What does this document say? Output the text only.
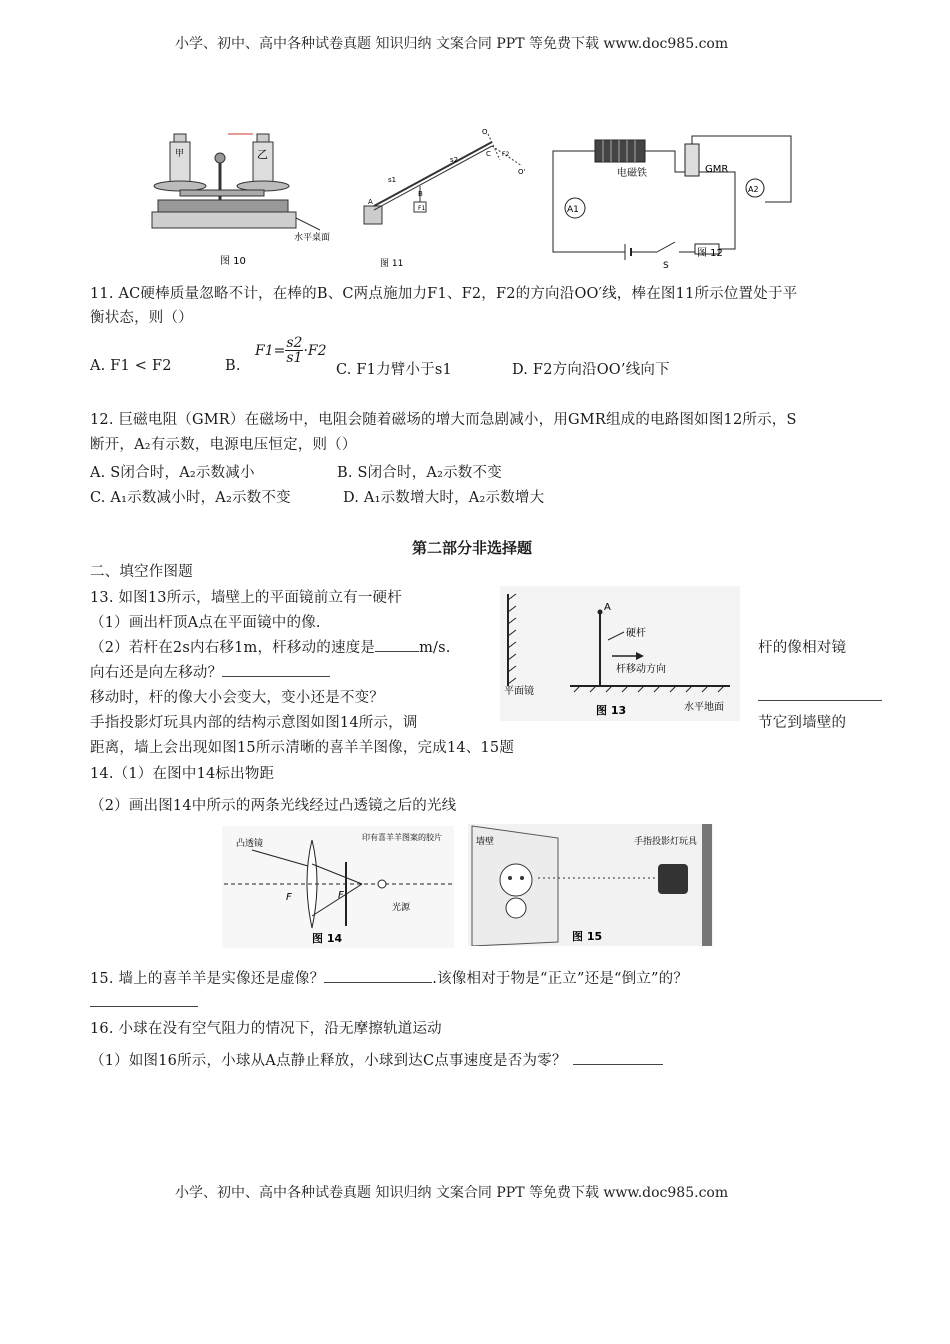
小学、初中、高中各种试卷真题 知识归纳 文案合同 PPT 等免费下载 www.doc985.com
甲	乙
水平桌面
图 10
A
B
C
O
O'
F1
s1
s2
F2
图 11
电磁铁
A1
S
GMR
A2
图 12
11. AC硬棒质量忽略不计，在棒的B、C两点施加力F1、F2，F2的方向沿OO′线，棒在图11所示位置处于平
衡状态，则（）
A. F1 < F2	B.
$F1= \frac{s2}{s1} \cdot F2$
C. F1力臂小于s1	D. F2方向沿OO’线向下
12. 巨磁电阻（GMR）在磁场中，电阻会随着磁场的增大而急剧减小，用GMR组成的电路图如图12所示，S
断开，A₂有示数，电源电压恒定，则（）
A. S闭合时，A₂示数减小	B. S闭合时，A₂示数不变
C. A₁示数减小时，A₂示数不变	D. A₁示数增大时，A₂示数增大
第二部分非选择题
二、填空作图题
13. 如图13所示，墙壁上的平面镜前立有一硬杆
（1）画出杆顶A点在平面镜中的像.
（2）若杆在2s内右移1m，杆移动的速度是	m/s.	杆的像相对镜
向右还是向左移动？
移动时，杆的像大小会变大，变小还是不变？
手指投影灯玩具内部的结构示意图如图14所示，调	节它到墙壁的
距离，墙上会出现如图15所示清晰的喜羊羊图像，完成14、15题
平面镜
A
硬杆
杆移动方向
图 13	水平地面
14.（1）在图中14标出物距
（2）画出图14中所示的两条光线经过凸透镜之后的光线
凸透镜
印有喜羊羊图案的胶片
F	F
光源
图 14
墙壁	手指投影灯玩具
图 15
15. 墙上的喜羊羊是实像还是虚像？	.该像相对于物是“正立”还是“倒立”的？
16. 小球在没有空气阻力的情况下，沿无摩擦轨道运动
（1）如图16所示，小球从A点静止释放，小球到达C点事速度是否为零？
小学、初中、高中各种试卷真题 知识归纳 文案合同 PPT 等免费下载 www.doc985.com
